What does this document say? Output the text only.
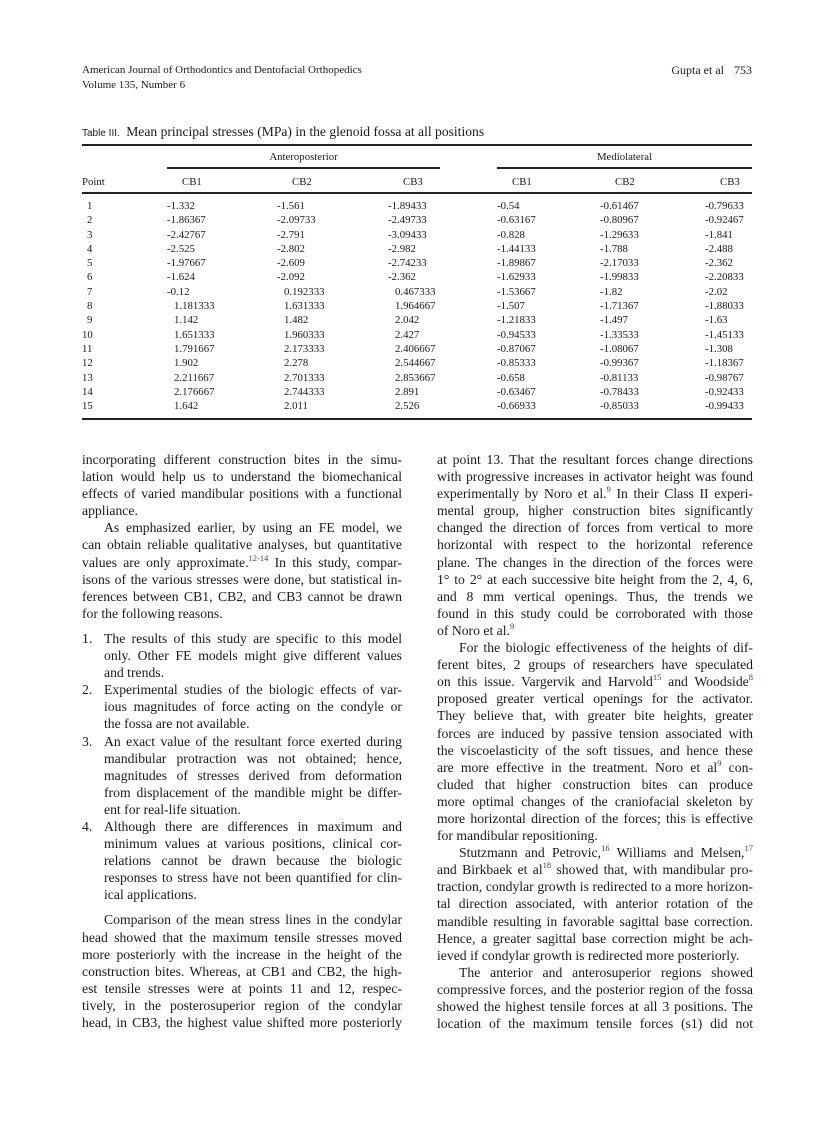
American Journal of Orthodontics and Dentofacial Orthopedics
Volume 135, Number 6
Gupta et al 753
Table III. Mean principal stresses (MPa) in the glenoid fossa at all positions

	Anteroposterior			Mediolateral		

Point	CB1	CB2	CB3	CB1	CB2	CB3
1	-1.332	-1.561	-1.89433	-0.54	-0.61467	-0.79633
2	-1.86367	-2.09733	-2.49733	-0.63167	-0.80967	-0.92467
3	-2.42767	-2.791	-3.09433	-0.828	-1.29633	-1.841
4	-2.525	-2.802	-2.982	-1.44133	-1.788	-2.488
5	-1.97667	-2.609	-2.74233	-1.89867	-2.17033	-2.362
6	-1.624	-2.092	-2.362	-1.62933	-1.99833	-2.20833
7	-0.12	0.192333	0.467333	-1.53667	-1.82	-2.02
8	1.181333	1.631333	1.964667	-1.507	-1.71367	-1.88033
9	1.142	1.482	2.042	-1.21833	-1.497	-1.63
10	1.651333	1.960333	2.427	-0.94533	-1.33533	-1.45133
11	1.791667	2.173333	2.406667	-0.87067	-1.08067	-1.308
12	1.902	2.278	2.544667	-0.85333	-0.99367	-1.18367
13	2.211667	2.701333	2.853667	-0.658	-0.81133	-0.98767
14	2.176667	2.744333	2.891	-0.63467	-0.78433	-0.92433
15	1.642	2.011	2.526	-0.66933	-0.85033	-0.99433
incorporating different construction bites in the simu-
lation would help us to understand the biomechanical
effects of varied mandibular positions with a functional
appliance.
As emphasized earlier, by using an FE model, we
can obtain reliable qualitative analyses, but quantitative
values are only approximate.$^{12-14}$ In this study, compar-
isons of the various stresses were done, but statistical in-
ferences between CB1, CB2, and CB3 cannot be drawn
for the following reasons.
1. The results of this study are specific to this model
only. Other FE models might give different values
and trends.
2. Experimental studies of the biologic effects of var-
ious magnitudes of force acting on the condyle or
the fossa are not available.
3. An exact value of the resultant force exerted during
mandibular protraction was not obtained; hence,
magnitudes of stresses derived from deformation
from displacement of the mandible might be differ-
ent for real-life situation.
4. Although there are differences in maximum and
minimum values at various positions, clinical cor-
relations cannot be drawn because the biologic
responses to stress have not been quantified for clin-
ical applications.
Comparison of the mean stress lines in the condylar
head showed that the maximum tensile stresses moved
more posteriorly with the increase in the height of the
construction bites. Whereas, at CB1 and CB2, the high-
est tensile stresses were at points 11 and 12, respec-
tively, in the posterosuperior region of the condylar
head, in CB3, the highest value shifted more posteriorly
at point 13. That the resultant forces change directions
with progressive increases in activator height was found
experimentally by Noro et al.$^9$ In their Class II experi-
mental group, higher construction bites significantly
changed the direction of forces from vertical to more
horizontal with respect to the horizontal reference
plane. The changes in the direction of the forces were
1° to 2° at each successive bite height from the 2, 4, 6,
and 8 mm vertical openings. Thus, the trends we
found in this study could be corroborated with those
of Noro et al.$^9$
For the biologic effectiveness of the heights of dif-
ferent bites, 2 groups of researchers have speculated
on this issue. Vargervik and Harvold$^{15}$ and Woodside$^8$
proposed greater vertical openings for the activator.
They believe that, with greater bite heights, greater
forces are induced by passive tension associated with
the viscoelasticity of the soft tissues, and hence these
are more effective in the treatment. Noro et $al^9$ con-
cluded that higher construction bites can produce
more optimal changes of the craniofacial skeleton by
more horizontal direction of the forces; this is effective
for mandibular repositioning.
Stutzmann and Petrovic,$^{16}$ Williams and Melsen,$^{17}$
and Birkbaek et $al^{18}$ showed that, with mandibular pro-
traction, condylar growth is redirected to a more horizon-
tal direction associated, with anterior rotation of the
mandible resulting in favorable sagittal base correction.
Hence, a greater sagittal base correction might be ach-
ieved if condylar growth is redirected more posteriorly.
The anterior and anterosuperior regions showed
compressive forces, and the posterior region of the fossa
showed the highest tensile forces at all 3 positions. The
location of the maximum tensile forces (s1) did not
